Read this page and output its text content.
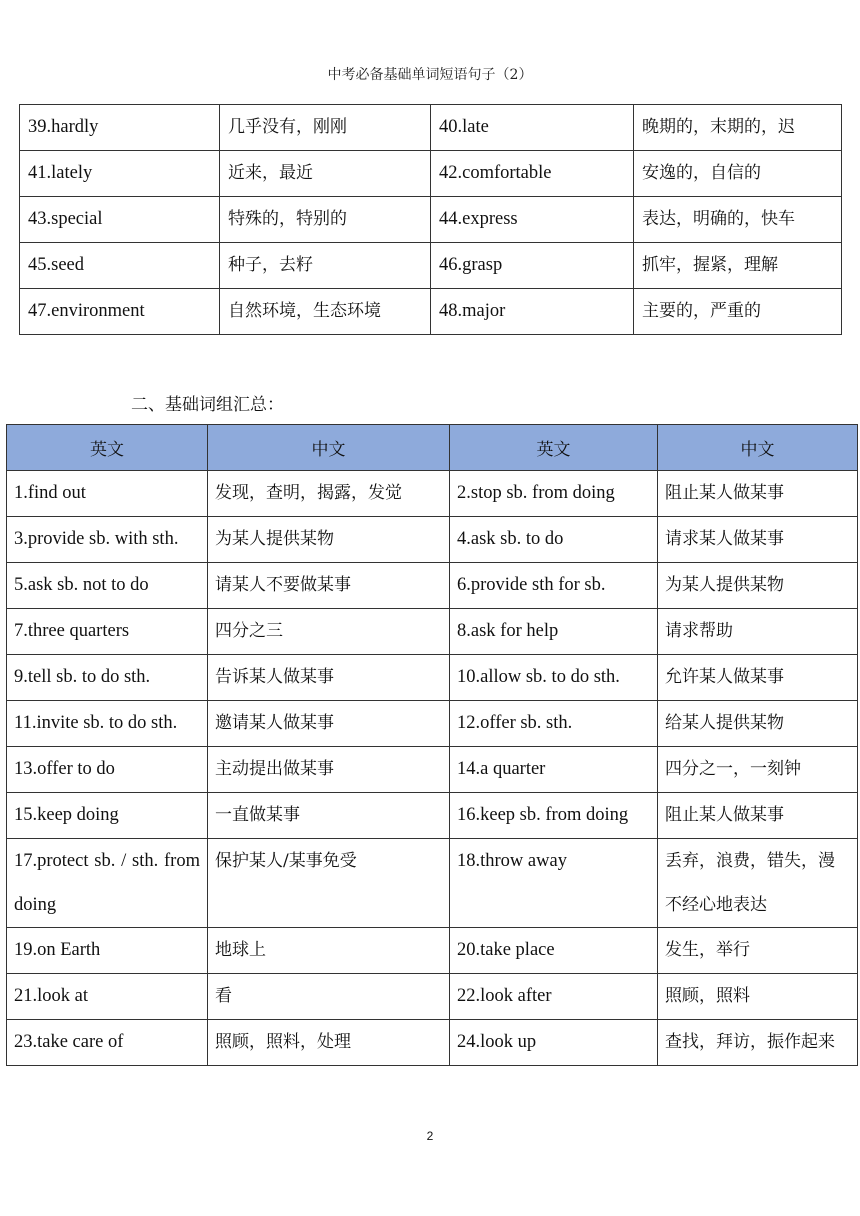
中考必备基础单词短语句子（2）
39.hardly	几乎没有，刚刚	40.late	晚期的，末期的，迟
41.lately	近来，最近	42.comfortable	安逸的，自信的
43.special	特殊的，特别的	44.express	表达，明确的，快车
45.seed	种子，去籽	46.grasp	抓牢，握紧，理解
47.environment	自然环境，生态环境	48.major	主要的，严重的
二、基础词组汇总：
英文	中文	英文	中文
1.find out	发现，查明，揭露，发觉	2.stop sb. from doing	阻止某人做某事
3.provide sb. with sth.	为某人提供某物	4.ask sb. to do	请求某人做某事
5.ask sb. not to do	请某人不要做某事	6.provide sth for sb.	为某人提供某物
7.three quarters	四分之三	8.ask for help	请求帮助
9.tell sb. to do sth.	告诉某人做某事	10.allow sb. to do sth.	允许某人做某事
11.invite sb. to do sth.	邀请某人做某事	12.offer sb. sth.	给某人提供某物
13.offer to do	主动提出做某事	14.a quarter	四分之一，一刻钟
15.keep doing	一直做某事	16.keep sb. from doing	阻止某人做某事
17.protect sb. / sth. from doing	保护某人/某事免受	18.throw away	丢弃，浪费，错失，漫不经心地表达
19.on Earth	地球上	20.take place	发生，举行
21.look at	看	22.look after	照顾，照料
23.take care of	照顾，照料，处理	24.look up	查找，拜访，振作起来
2
